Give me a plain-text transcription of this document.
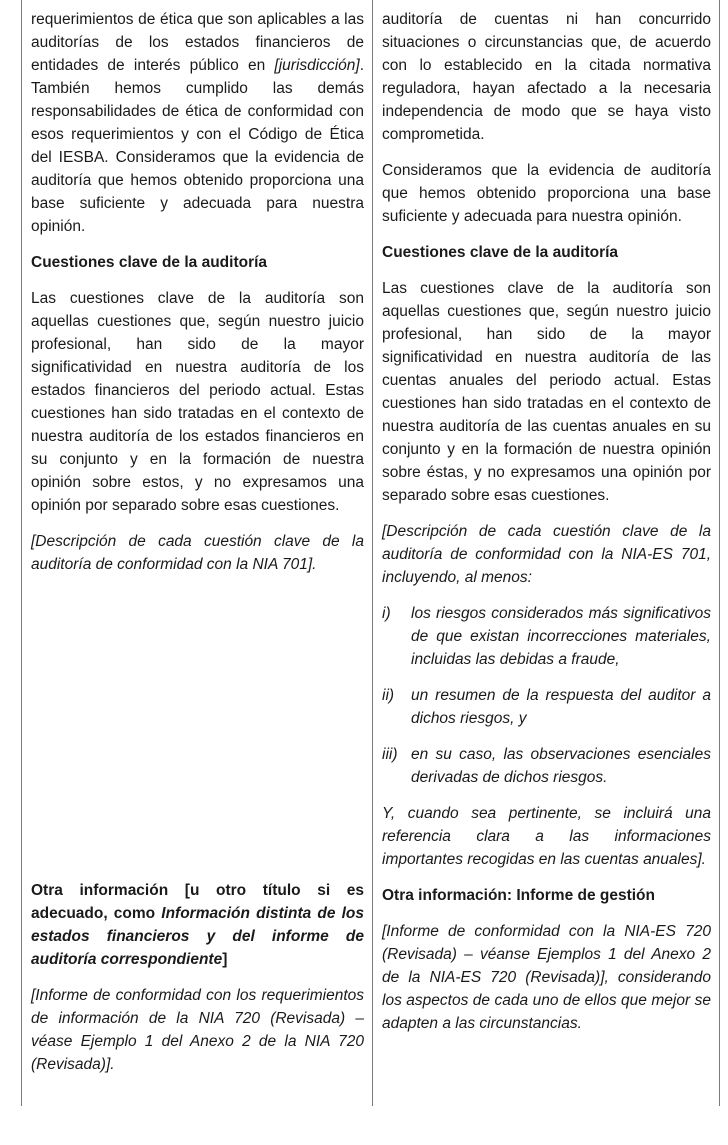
requerimientos de ética que son aplicables a las auditorías de los estados financieros de entidades de interés público en [jurisdicción]. También hemos cumplido las demás responsabilidades de ética de conformidad con esos requerimientos y con el Código de Ética del IESBA. Consideramos que la evidencia de auditoría que hemos obtenido proporciona una base suficiente y adecuada para nuestra opinión.
Cuestiones clave de la auditoría
Las cuestiones clave de la auditoría son aquellas cuestiones que, según nuestro juicio profesional, han sido de la mayor significatividad en nuestra auditoría de los estados financieros del periodo actual. Estas cuestiones han sido tratadas en el contexto de nuestra auditoría de los estados financieros en su conjunto y en la formación de nuestra opinión sobre estos, y no expresamos una opinión por separado sobre esas cuestiones.
[Descripción de cada cuestión clave de la auditoría de conformidad con la NIA 701].
Otra información [u otro título si es adecuado, como Información distinta de los estados financieros y del informe de auditoría correspondiente]
[Informe de conformidad con los requerimientos de información de la NIA 720 (Revisada) – véase Ejemplo 1 del Anexo 2 de la NIA 720 (Revisada)].
auditoría de cuentas ni han concurrido situaciones o circunstancias que, de acuerdo con lo establecido en la citada normativa reguladora, hayan afectado a la necesaria independencia de modo que se haya visto comprometida.
Consideramos que la evidencia de auditoría que hemos obtenido proporciona una base suficiente y adecuada para nuestra opinión.
Cuestiones clave de la auditoría
Las cuestiones clave de la auditoría son aquellas cuestiones que, según nuestro juicio profesional, han sido de la mayor significatividad en nuestra auditoría de las cuentas anuales del periodo actual. Estas cuestiones han sido tratadas en el contexto de nuestra auditoría de las cuentas anuales en su conjunto y en la formación de nuestra opinión sobre éstas, y no expresamos una opinión por separado sobre esas cuestiones.
[Descripción de cada cuestión clave de la auditoría de conformidad con la NIA-ES 701, incluyendo, al menos:
i)	los riesgos considerados más significativos de que existan incorrecciones materiales, incluidas las debidas a fraude,
ii)	un resumen de la respuesta del auditor a dichos riesgos, y
iii) en su caso, las observaciones esenciales derivadas de dichos riesgos.
Y, cuando sea pertinente, se incluirá una referencia clara a las informaciones importantes recogidas en las cuentas anuales].
Otra información: Informe de gestión
[Informe de conformidad con la NIA-ES 720 (Revisada) – véanse Ejemplos 1 del Anexo 2 de la NIA-ES 720 (Revisada)], considerando los aspectos de cada uno de ellos que mejor se adapten a las circunstancias.
